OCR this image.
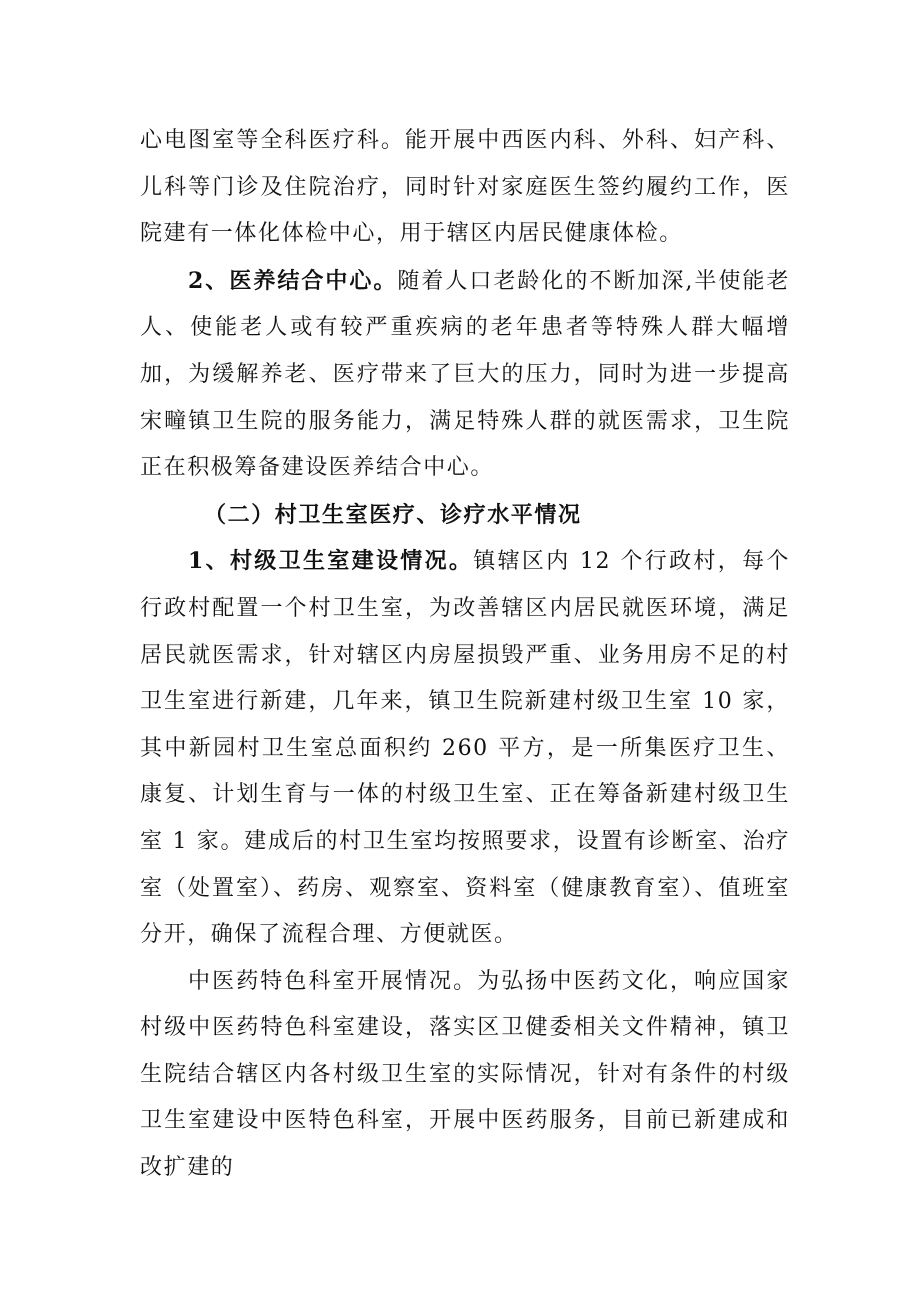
心电图室等全科医疗科。能开展中西医内科、外科、妇产科、儿科等门诊及住院治疗，同时针对家庭医生签约履约工作，医院建有一体化体检中心，用于辖区内居民健康体检。

2、医养结合中心。随着人口老龄化的不断加深,半使能老人、使能老人或有较严重疾病的老年患者等特殊人群大幅增加，为缓解养老、医疗带来了巨大的压力，同时为进一步提高宋疃镇卫生院的服务能力，满足特殊人群的就医需求，卫生院正在积极筹备建设医养结合中心。

（二）村卫生室医疗、诊疗水平情况

1、村级卫生室建设情况。镇辖区内 12 个行政村，每个行政村配置一个村卫生室，为改善辖区内居民就医环境，满足居民就医需求，针对辖区内房屋损毁严重、业务用房不足的村卫生室进行新建，几年来，镇卫生院新建村级卫生室 10 家，其中新园村卫生室总面积约 260 平方，是一所集医疗卫生、康复、计划生育与一体的村级卫生室、正在筹备新建村级卫生室 1 家。建成后的村卫生室均按照要求，设置有诊断室、治疗室（处置室）、药房、观察室、资料室（健康教育室）、值班室分开，确保了流程合理、方便就医。

中医药特色科室开展情况。为弘扬中医药文化，响应国家村级中医药特色科室建设，落实区卫健委相关文件精神，镇卫生院结合辖区内各村级卫生室的实际情况，针对有条件的村级卫生室建设中医特色科室，开展中医药服务，目前已新建成和改扩建的
